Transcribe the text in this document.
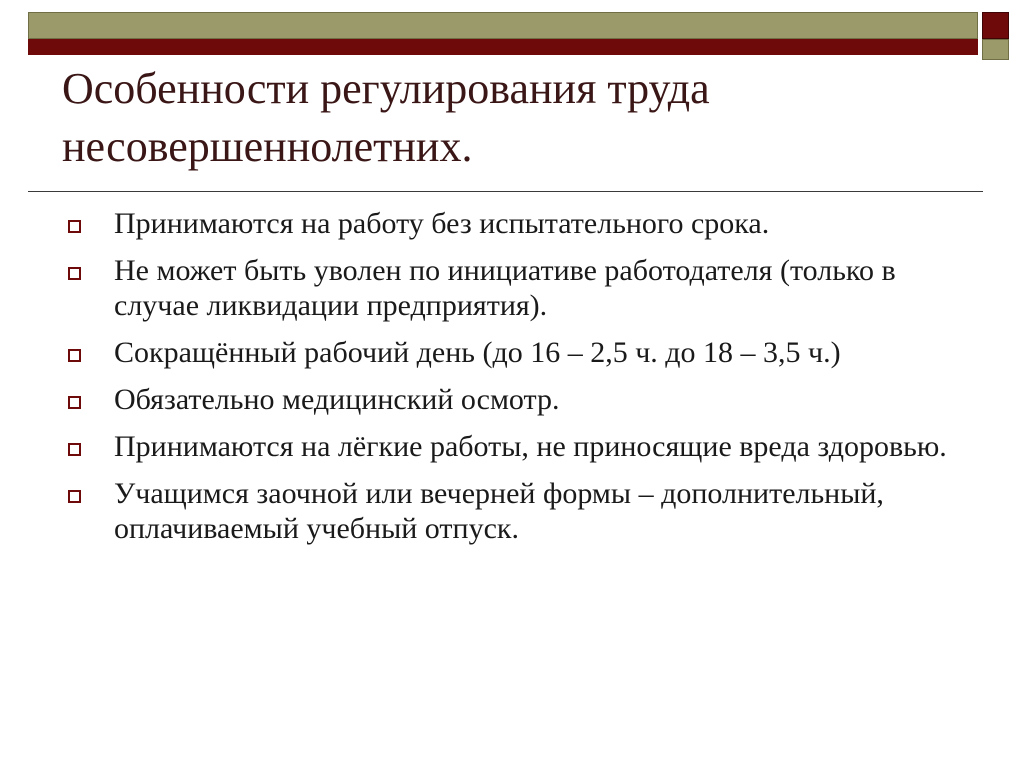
Особенности регулирования труда несовершеннолетних.
Принимаются на работу без испытательного срока.
Не может быть уволен по инициативе работодателя (только в случае ликвидации предприятия).
Сокращённый рабочий день (до 16 – 2,5 ч. до 18 – 3,5 ч.)
Обязательно медицинский осмотр.
Принимаются на лёгкие работы, не приносящие вреда здоровью.
Учащимся заочной или вечерней формы – дополнительный, оплачиваемый учебный отпуск.
